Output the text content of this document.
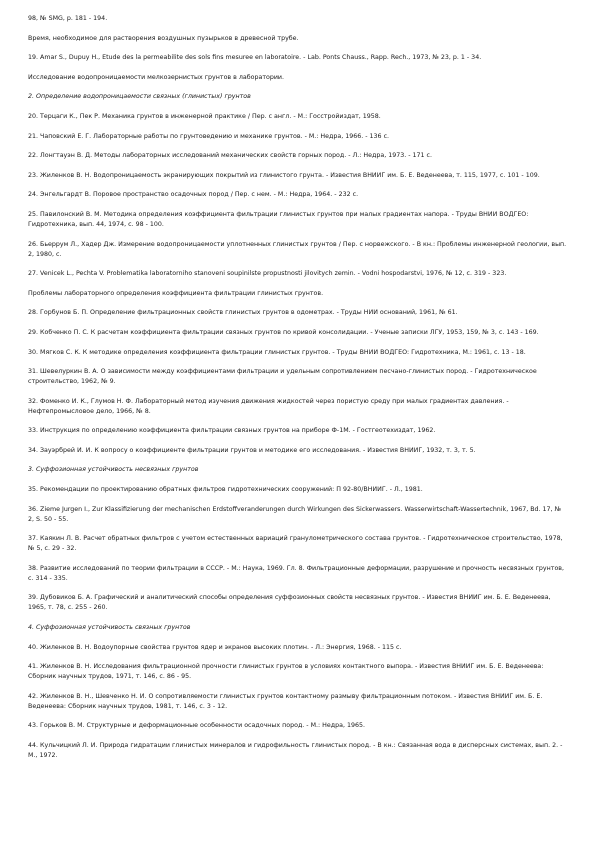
98, № SMG, p. 181 - 194.

Время, необходимое для растворения воздушных пузырьков в древесной трубе.

19. Amar S., Dupuy H., Etude des la permeabilite des sols fins mesuree en laboratoire. - Lab. Ponts Chauss., Rapp. Rech., 1973, № 23, p. 1 - 34.

Исследование водопроницаемости мелкозернистых грунтов в лаборатории.

2. Определение водопроницаемости связных (глинистых) грунтов

20. Терцаги К., Пек Р. Механика грунтов в инженерной практике / Пер. с англ. - М.: Госстройиздат, 1958.

21. Чаповский Е. Г. Лабораторные работы по грунтоведению и механике грунтов. - М.: Недра, 1966. - 136 с.

22. Лонгтауэн В. Д. Методы лабораторных исследований механических свойств горных пород. - Л.: Недра, 1973. - 171 с.

23. Жиленков В. Н. Водопроницаемость экранирующих покрытий из глинистого грунта. - Известия ВНИИГ им. Б. Е. Веденеева, т. 115, 1977, с. 101 - 109.

24. Энгельгардт В. Поровое пространство осадочных пород / Пер. с нем. - М.: Недра, 1964. - 232 с.

25. Павилонский В. М. Методика определения коэффициента фильтрации глинистых грунтов при малых градиентах напора. - Труды ВНИИ ВОДГЕО: Гидротехника, вып. 44, 1974, с. 98 - 100.

26. Бьеррум Л., Хадер Дж. Измерение водопроницаемости уплотненных глинистых грунтов / Пер. с норвежского. - В кн.: Проблемы инженерной геологии, вып. 2, 1980, с.

27. Venicek L., Pechta V. Problematika laboratorniho stanoveni soupinilste propustnosti jilovitych zemin. - Vodni hospodarstvi, 1976, № 12, с. 319 - 323.

Проблемы лабораторного определения коэффициента фильтрации глинистых грунтов.

28. Горбунов Б. П. Определение фильтрационных свойств глинистых грунтов в одометрах. - Труды НИИ оснований, 1961, № 61.

29. Кобченко П. С. К расчетам коэффициента фильтрации связных грунтов по кривой консолидации. - Ученые записки ЛГУ, 1953, 159, № 3, с. 143 - 169.

30. Мягков С. К. К методике определения коэффициента фильтрации глинистых грунтов. - Труды ВНИИ ВОДГЕО: Гидротехника, М.: 1961, с. 13 - 18.

31. Шевелуркин В. А. О зависимости между коэффициентами фильтрации и удельным сопротивлением песчано-глинистых пород. - Гидротехническое строительство, 1962, № 9.

32. Фоменко И. К., Глумов Н. Ф. Лабораторный метод изучения движения жидкостей через пористую среду при малых градиентах давления. - Нефтепромысловое дело, 1966, № 8.

33. Инструкция по определению коэффициента фильтрации связных грунтов на приборе Ф-1М. - Гостгеотехиздат, 1962.

34. Зауэрбрей И. И. К вопросу о коэффициенте фильтрации грунтов и методике его исследования. - Известия ВНИИГ, 1932, т. 3, т. 5.

3. Суффозионная устойчивость несвязных грунтов

35. Рекомендации по проектированию обратных фильтров гидротехнических сооружений: П 92-80/ВНИИГ. - Л., 1981.

36. Zieme Jurgen I., Zur Klassifizierung der mechanischen Erdstoffveranderungen durch Wirkungen des Sickerwassers. Wasserwirtschaft-Wassertechnik, 1967, Bd. 17, № 2, S. 50 - 55.

37. Каякин Л. В. Расчет обратных фильтров с учетом естественных вариаций гранулометрического состава грунтов. - Гидротехническое строительство, 1978, № 5, с. 29 - 32.

38. Развитие исследований по теории фильтрации в СССР. - М.: Наука, 1969. Гл. 8. Фильтрационные деформации, разрушение и прочность несвязных грунтов, с. 314 - 335.

39. Дубовиков Б. А. Графический и аналитический способы определения суффозионных свойств несвязных грунтов. - Известия ВНИИГ им. Б. Е. Веденеева, 1965, т. 78, с. 255 - 260.

4. Суффозионная устойчивость связных грунтов

40. Жиленков В. Н. Водоупорные свойства грунтов ядер и экранов высоких плотин. - Л.: Энергия, 1968. - 115 с.

41. Жиленков В. Н. Исследования фильтрационной прочности глинистых грунтов в условиях контактного выпора. - Известия ВНИИГ им. Б. Е. Веденеева: Сборник научных трудов, 1971, т. 146, с. 86 - 95.

42. Жиленков В. Н., Шевченко Н. И. О сопротивляемости глинистых грунтов контактному размыву фильтрационным потоком. - Известия ВНИИГ им. Б. Е. Веденеева: Сборник научных трудов, 1981, т. 146, с. 3 - 12.

43. Горьков В. М. Структурные и деформационные особенности осадочных пород. - М.: Недра, 1965.

44. Кульчицкий Л. И. Природа гидратации глинистых минералов и гидрофильность глинистых пород. - В кн.: Связанная вода в дисперсных системах, вып. 2. - М., 1972.
